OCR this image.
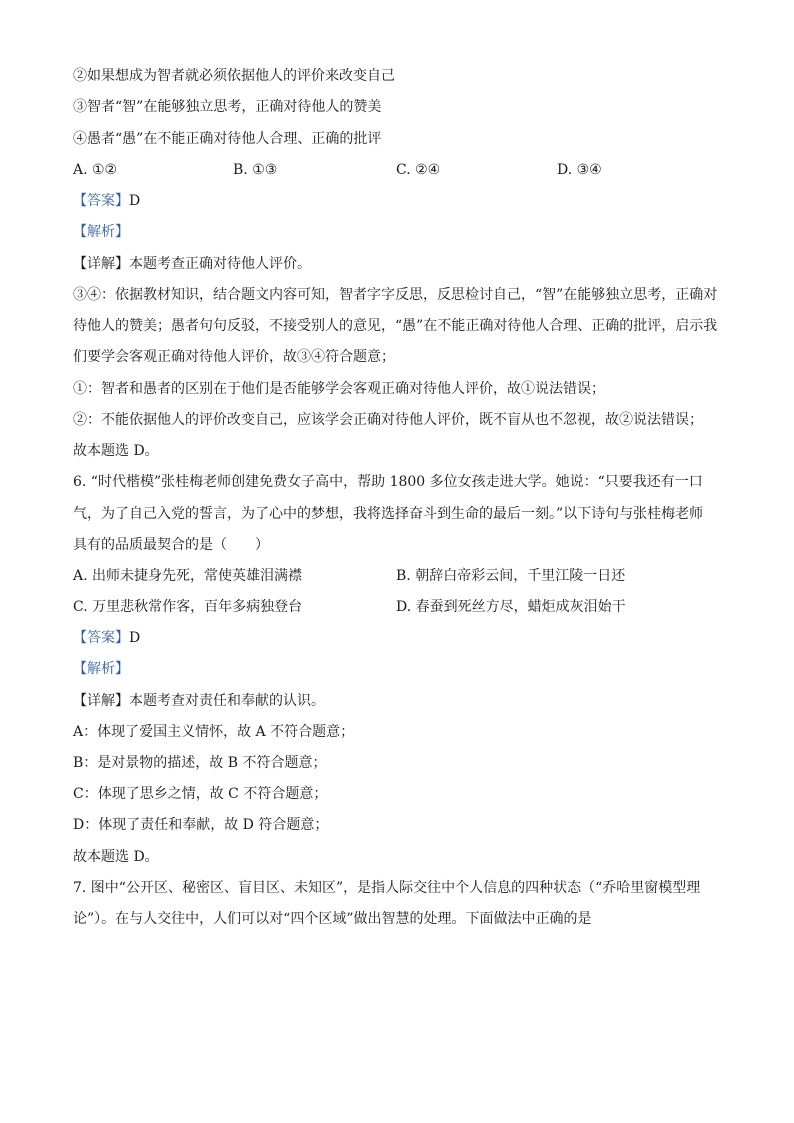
②如果想成为智者就必须依据他人的评价来改变自己
③智者“智”在能够独立思考，正确对待他人的赞美
④愚者“愚”在不能正确对待他人合理、正确的批评
A. ①②	B. ①③	C. ②④	D. ③④
【答案】D
【解析】
【详解】本题考查正确对待他人评价。
③④：依据教材知识，结合题文内容可知，智者字字反思，反思检讨自己，“智”在能够独立思考，正确对
待他人的赞美；愚者句句反驳，不接受别人的意见，“愚”在不能正确对待他人合理、正确的批评，启示我
们要学会客观正确对待他人评价，故③④符合题意；
①：智者和愚者的区别在于他们是否能够学会客观正确对待他人评价，故①说法错误；
②：不能依据他人的评价改变自己，应该学会正确对待他人评价，既不盲从也不忽视，故②说法错误；
故本题选 D。
6. “时代楷模”张桂梅老师创建免费女子高中，帮助 1800 多位女孩走进大学。她说：“只要我还有一口
气，为了自己入党的誓言，为了心中的梦想，我将选择奋斗到生命的最后一刻。”以下诗句与张桂梅老师
具有的品质最契合的是（　　）
A. 出师未捷身先死，常使英雄泪满襟	B. 朝辞白帝彩云间，千里江陵一日还
C. 万里悲秋常作客，百年多病独登台	D. 春蚕到死丝方尽，蜡炬成灰泪始干
【答案】D
【解析】
【详解】本题考查对责任和奉献的认识。
A：体现了爱国主义情怀，故 A 不符合题意；
B：是对景物的描述，故 B 不符合题意；
C：体现了思乡之情，故 C 不符合题意；
D：体现了责任和奉献，故 D 符合题意；
故本题选 D。
7. 图中“公开区、秘密区、盲目区、未知区”，是指人际交往中个人信息的四种状态（“乔哈里窗模型理
论”）。在与人交往中，人们可以对“四个区域”做出智慧的处理。下面做法中正确的是
